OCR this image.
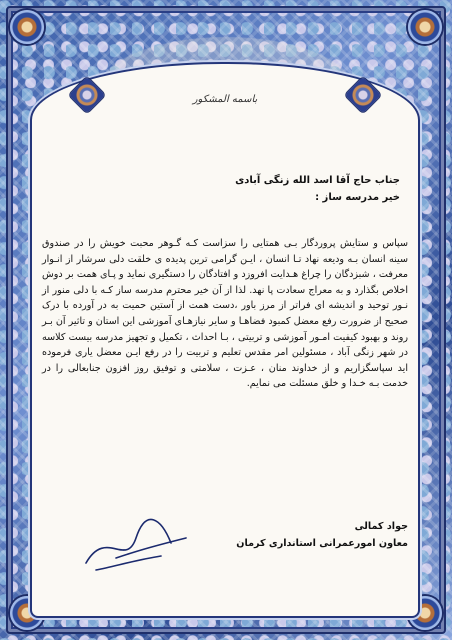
باسمه المشکور
جناب حاج آقا اسد الله زنگی آبادی
خیر مدرسه ساز :
سپاس و ستایش پروردگار بـی همتایی را سزاست کـه گـوهر محبت خویش را در صندوق سینه انسان بـه ودیعه نهاد تـا انسان ، ایـن گرامی ترین پدیده ی خلقت دلی سرشار از انـوار معرفت ، شبزدگان را چراغ هـدایت افروزد و افتادگان را دستگیری نماید و پـای همت بر دوش اخلاص بگذارد و به معراج سعادت پا نهد. لذا از آن خیر محترم مدرسه ساز کـه با دلی منور از نـور توحید و اندیشه ای فراتر از مرز باور ،دست همت از آستین حمیت به در آورده با درک صحیح از ضرورت رفع معضل کمبود فضاهـا و سایر نیازهـای آموزشی این استان و تاثیر آن بـر روند و بهبود کیفیت امـور آموزشی و تربیتی ، بـا احداث ، تکمیل و تجهیز مدرسه بیست کلاسه در شهر زنگی آباد ، مسئولین امر مقدس تعلیم و تربیت را در رفع ایـن معضل یاری فرموده اید سپاسگزاریم و از خداوند منان ، عـزت ، سلامتی و توفیق روز افزون جنابعالی را در خدمت بـه خـدا و خلق مسئلت می نمایم.
جواد کمالی
معاون امورعمرانی استانداری کرمان
